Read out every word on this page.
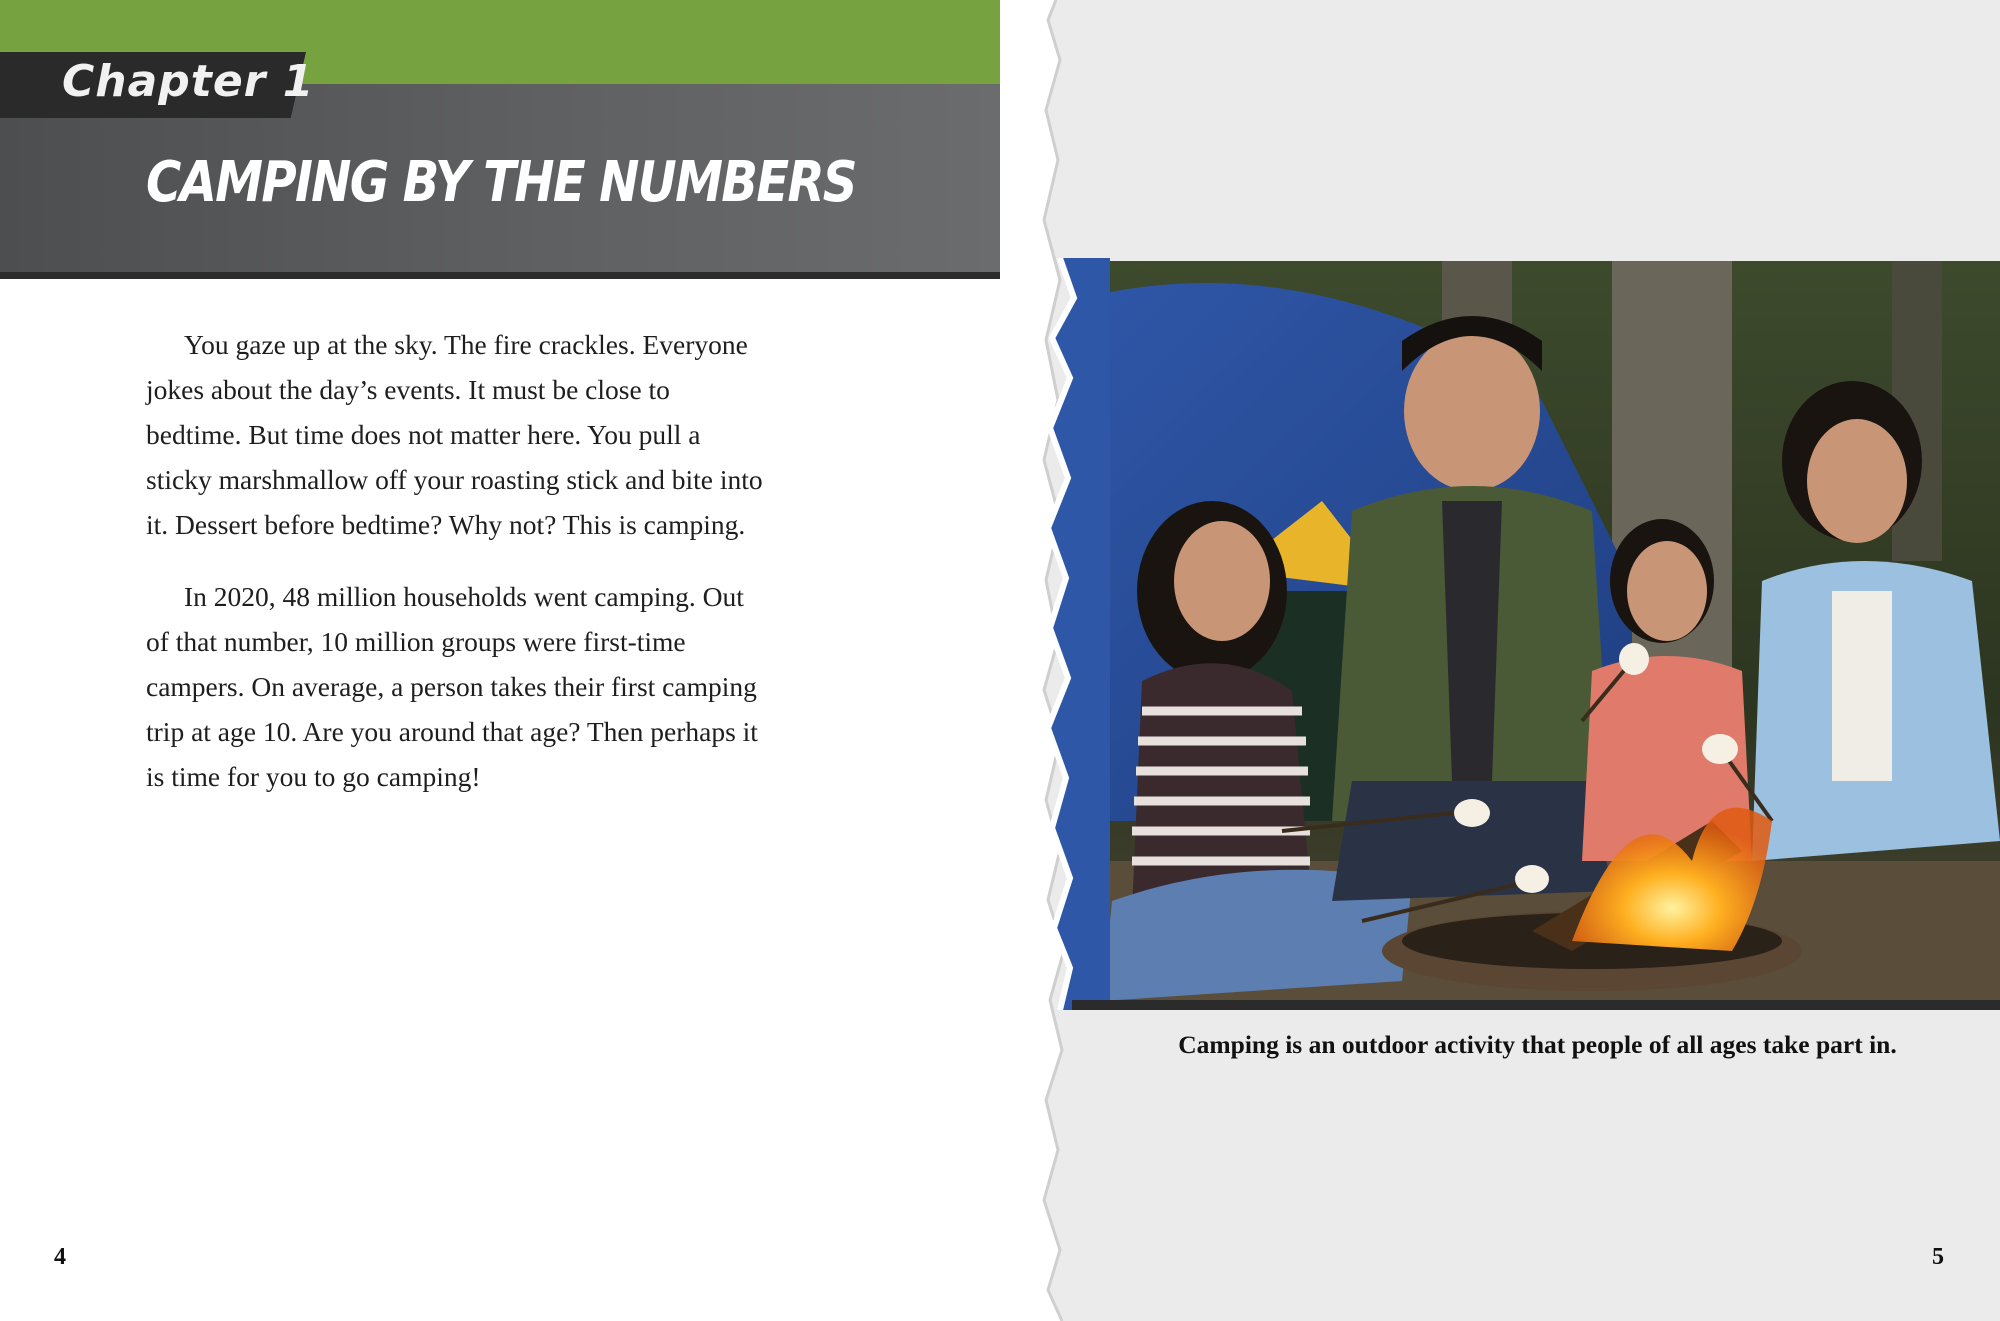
Chapter 1
CAMPING BY THE NUMBERS

You gaze up at the sky. The fire crackles. Everyone jokes about the day’s events. It must be close to bedtime. But time does not matter here. You pull a sticky marshmallow off your roasting stick and bite into it. Dessert before bedtime? Why not? This is camping.

In 2020, 48 million households went camping. Out of that number, 10 million groups were first-time campers. On average, a person takes their first camping trip at age 10. Are you around that age? Then perhaps it is time for you to go camping!

4
Camping is an outdoor activity that people of all ages take part in.
5
